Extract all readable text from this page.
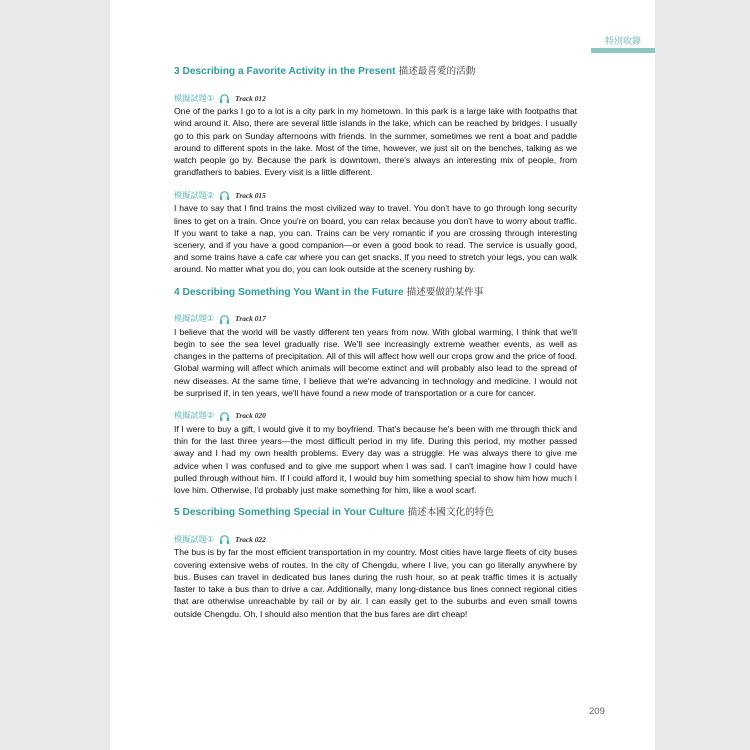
特別收錄
3 Describing a Favorite Activity in the Present 描述最喜愛的活動
模擬試題①	Track 012

One of the parks I go to a lot is a city park in my hometown. In this park is a large lake with footpaths that wind around it. Also, there are several little islands in the lake, which can be reached by bridges. I usually go to this park on Sunday afternoons with friends. In the summer, sometimes we rent a boat and paddle around to different spots in the lake. Most of the time, however, we just sit on the benches, talking as we watch people go by. Because the park is downtown, there's always an interesting mix of people, from grandfathers to babies. Every visit is a little different.

模擬試題②	Track 015

I have to say that I find trains the most civilized way to travel. You don't have to go through long security lines to get on a train. Once you're on board, you can relax because you don't have to worry about traffic. If you want to take a nap, you can. Trains can be very romantic if you are crossing through interesting scenery, and if you have a good companion—or even a good book to read. The service is usually good, and some trains have a cafe car where you can get snacks. If you need to stretch your legs, you can walk around. No matter what you do, you can look outside at the scenery rushing by.

4 Describing Something You Want in the Future 描述要做的某件事
模擬試題①	Track 017

I believe that the world will be vastly different ten years from now. With global warming, I think that we'll begin to see the sea level gradually rise. We'll see increasingly extreme weather events, as well as changes in the patterns of precipitation. All of this will affect how well our crops grow and the price of food. Global warming will affect which animals will become extinct and will probably also lead to the spread of new diseases. At the same time, I believe that we're advancing in technology and medicine. I would not be surprised if, in ten years, we'll have found a new mode of transportation or a cure for cancer.

模擬試題②	Track 020

If I were to buy a gift, I would give it to my boyfriend. That's because he's been with me through thick and thin for the last three years—the most difficult period in my life. During this period, my mother passed away and I had my own health problems. Every day was a struggle. He was always there to give me advice when I was confused and to give me support when I was sad. I can't imagine how I could have pulled through without him. If I could afford it, I would buy him something special to show him how much I love him. Otherwise, I'd probably just make something for him, like a wool scarf.

5 Describing Something Special in Your Culture 描述本國文化的特色
模擬試題①	Track 022

The bus is by far the most efficient transportation in my country. Most cities have large fleets of city buses covering extensive webs of routes. In the city of Chengdu, where I live, you can go literally anywhere by bus. Buses can travel in dedicated bus lanes during the rush hour, so at peak traffic times it is actually faster to take a bus than to drive a car. Additionally, many long-distance bus lines connect regional cities that are otherwise unreachable by rail or by air. I can easily get to the suburbs and even small towns outside Chengdu. Oh, I should also mention that the bus fares are dirt cheap!

209
